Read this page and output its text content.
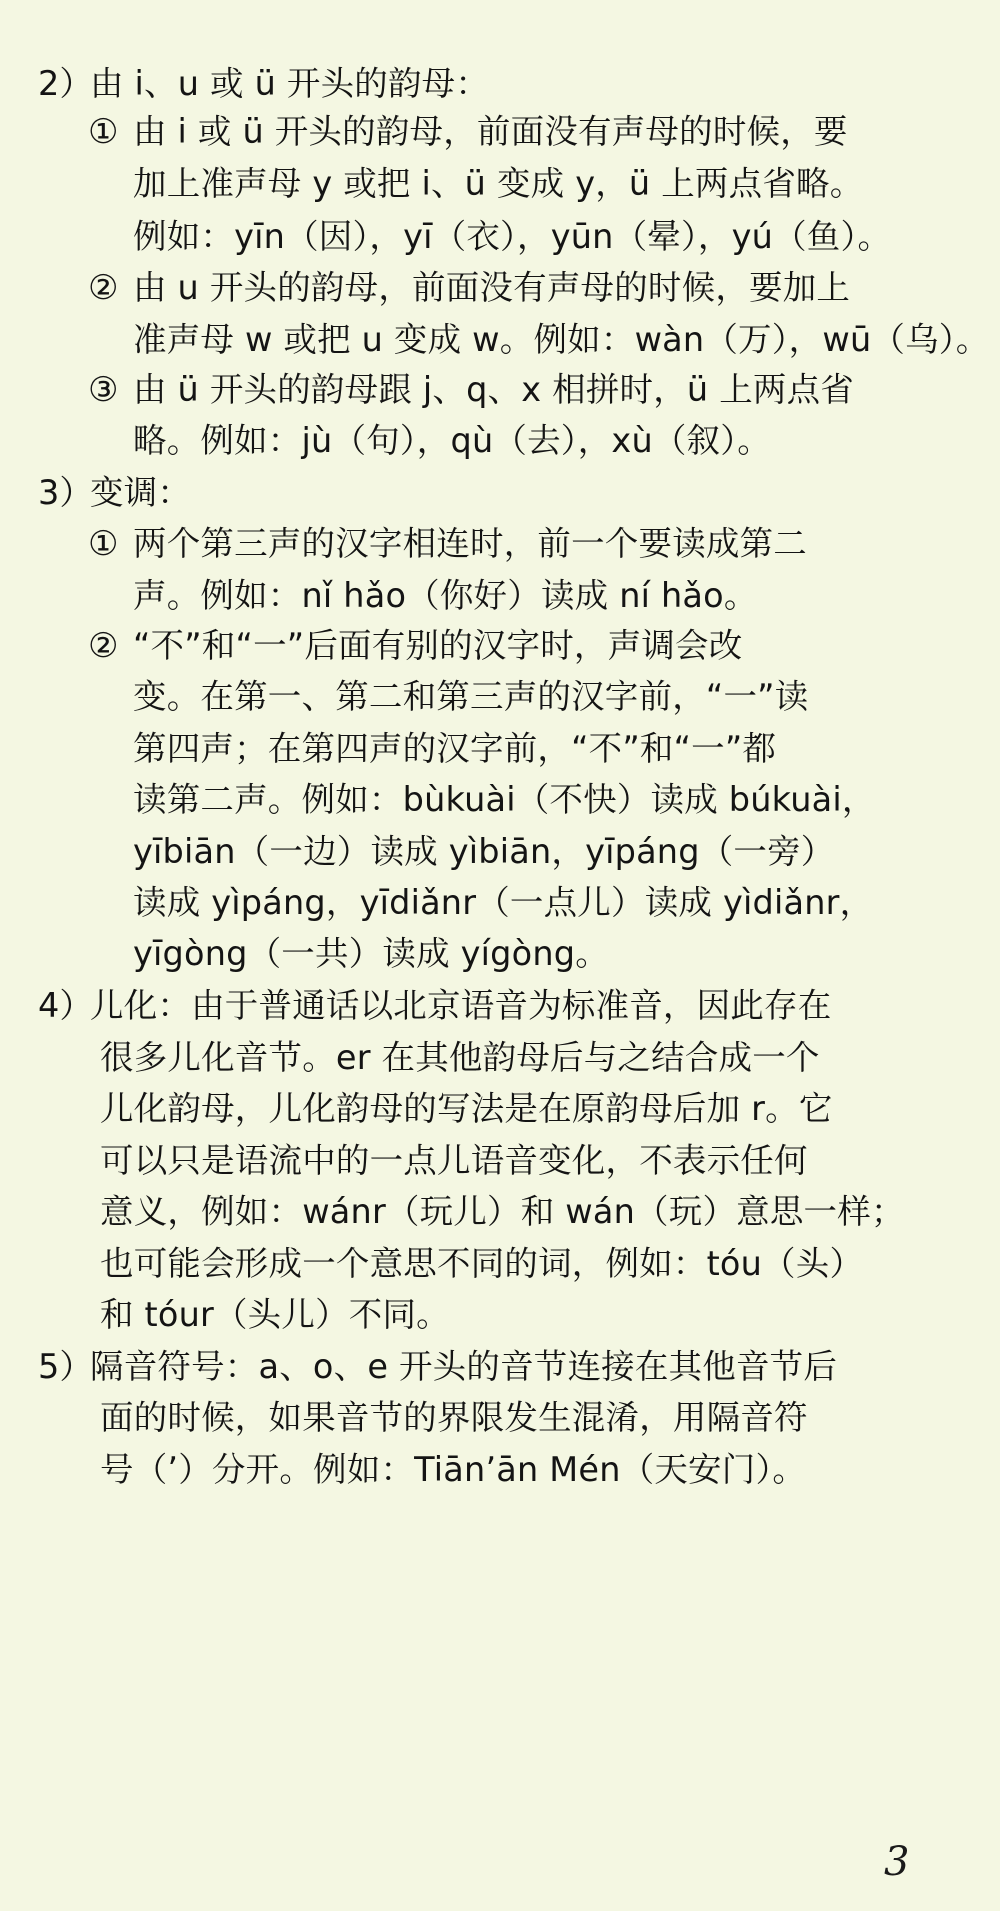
2）
由 i、u 或 ü 开头的韵母：
① 由 i 或 ü 开头的韵母，前面没有声母的时候，要
加上准声母 y 或把 i、ü 变成 y，ü 上两点省略。
例如：yīn（因），yī（衣），yūn（晕），yú（鱼）。
② 由 u 开头的韵母，前面没有声母的时候，要加上
准声母 w 或把 u 变成 w。例如：wàn（万），wū（乌）。
③ 由 ü 开头的韵母跟 j、q、x 相拼时，ü 上两点省
略。例如：jù（句），qù（去），xù（叙）。
3）
变调：
① 两个第三声的汉字相连时，前一个要读成第二
声。例如：nǐ hǎo（你好）读成 ní hǎo。
② “不”和“一”后面有别的汉字时，声调会改
变。在第一、第二和第三声的汉字前，“一”读
第四声；在第四声的汉字前，“不”和“一”都
读第二声。例如：bùkuài（不快）读成 búkuài，
yībiān（一边）读成 yìbiān，yīpáng（一旁）
读成 yìpáng，yīdiǎnr（一点儿）读成 yìdiǎnr，
yīgòng（一共）读成 yígòng。
4）
儿化：由于普通话以北京语音为标准音，因此存在
很多儿化音节。er 在其他韵母后与之结合成一个
儿化韵母，儿化韵母的写法是在原韵母后加 r。它
可以只是语流中的一点儿语音变化，不表示任何
意义，例如：wánr（玩儿）和 wán（玩）意思一样；
也可能会形成一个意思不同的词，例如：tóu（头）
和 tóur（头儿）不同。
5）
隔音符号：a、o、e 开头的音节连接在其他音节后
面的时候，如果音节的界限发生混淆，用隔音符
号（’）分开。例如：Tiān’ān Mén（天安门）。
3
